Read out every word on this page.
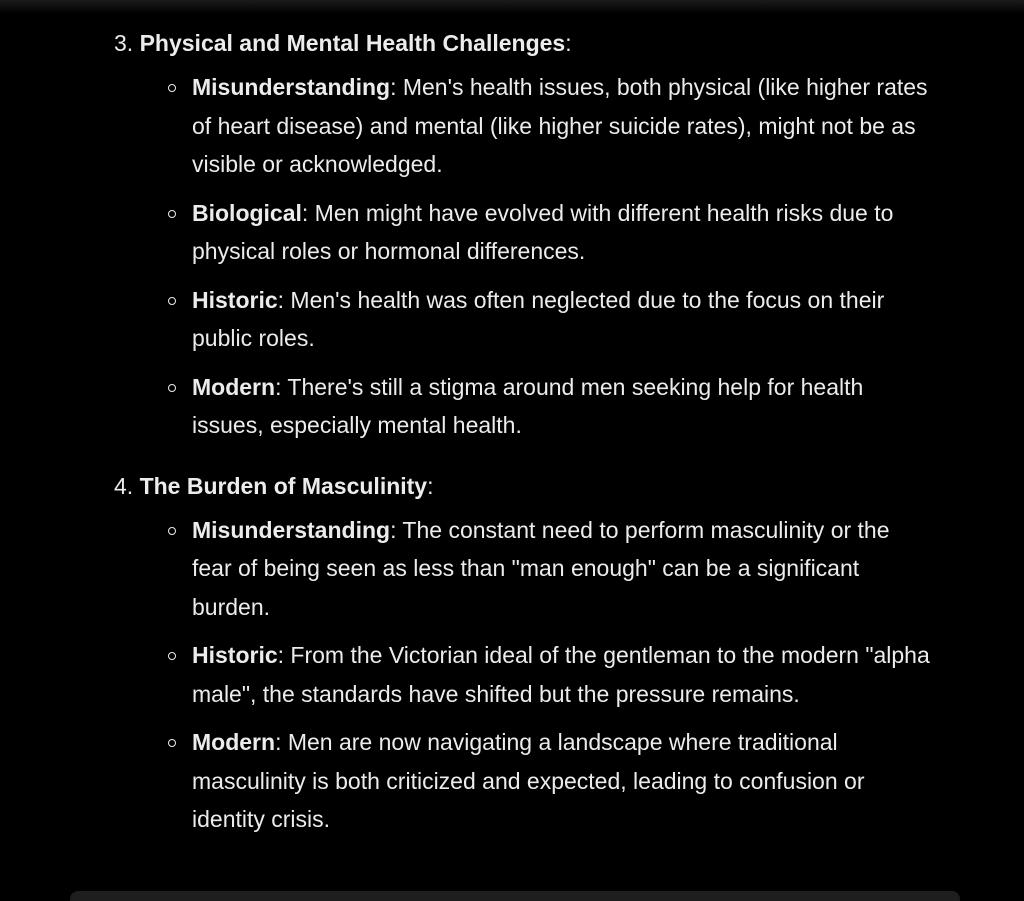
3. Physical and Mental Health Challenges:

Misunderstanding: Men's health issues, both physical (like higher rates of heart disease) and mental (like higher suicide rates), might not be as visible or acknowledged.
Biological: Men might have evolved with different health risks due to physical roles or hormonal differences.
Historic: Men's health was often neglected due to the focus on their public roles.
Modern: There's still a stigma around men seeking help for health issues, especially mental health.

4. The Burden of Masculinity:

Misunderstanding: The constant need to perform masculinity or the fear of being seen as less than "man enough" can be a significant burden.
Historic: From the Victorian ideal of the gentleman to the modern "alpha male", the standards have shifted but the pressure remains.
Modern: Men are now navigating a landscape where traditional masculinity is both criticized and expected, leading to confusion or identity crisis.
